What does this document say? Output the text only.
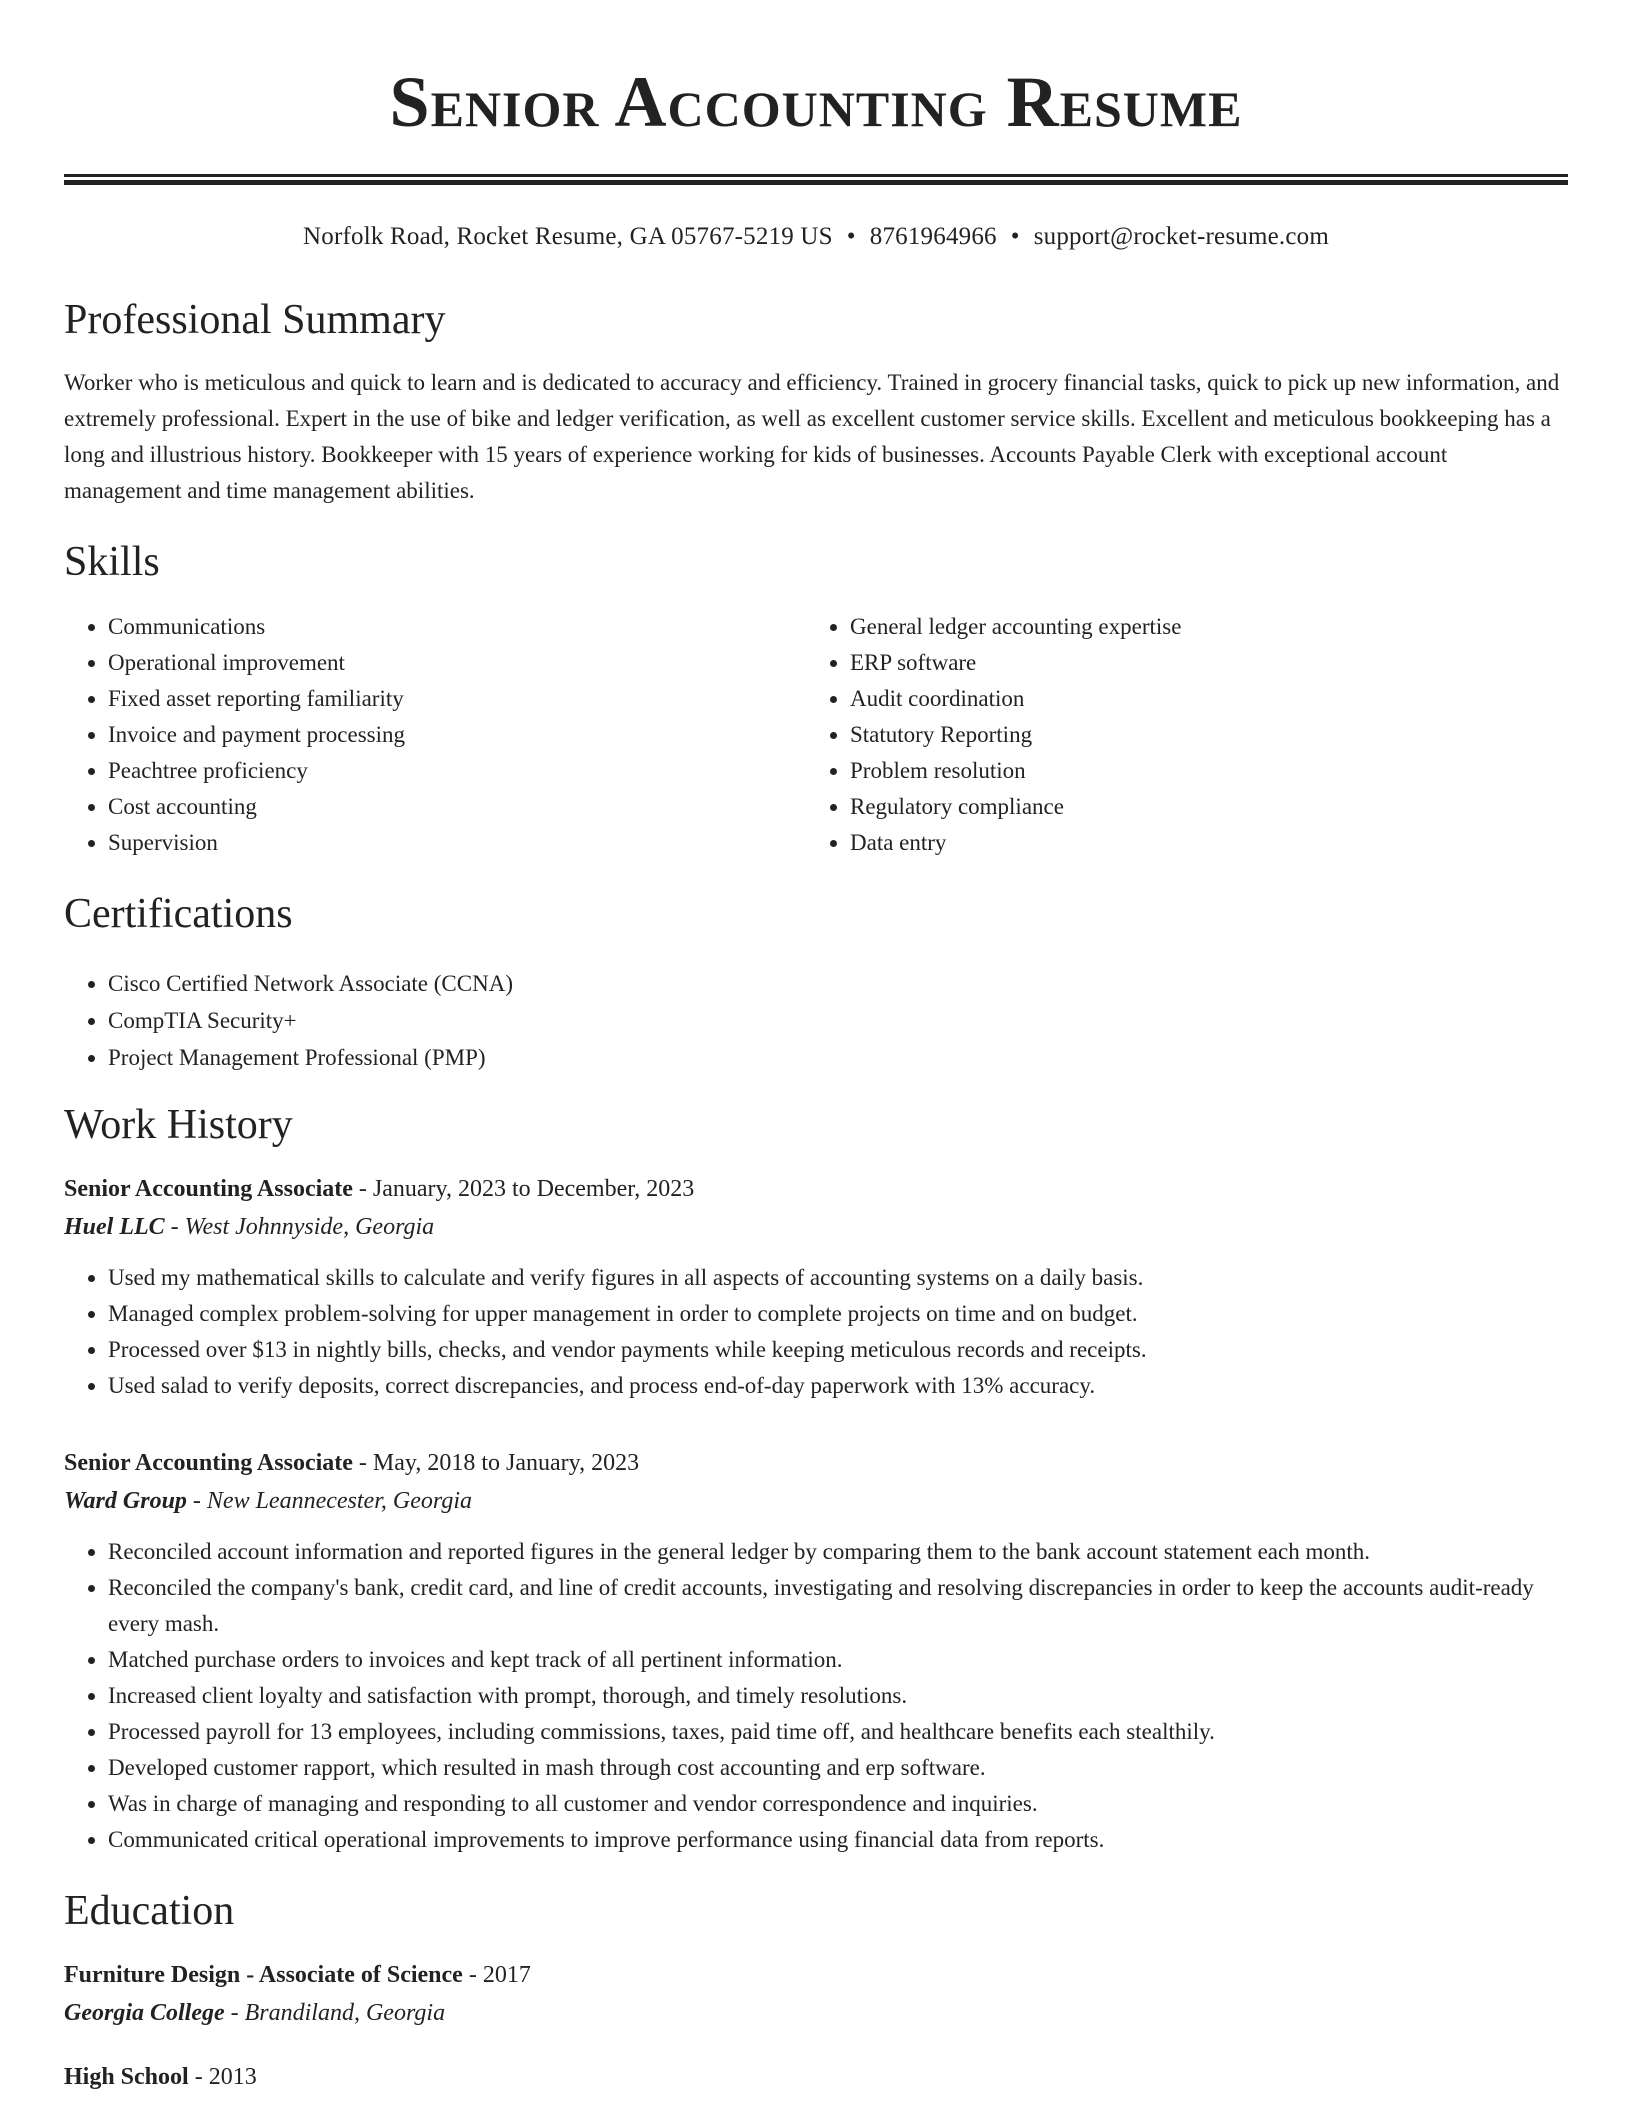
Senior Accounting Resume
Norfolk Road, Rocket Resume, GA 05767-5219 US • 8761964966 • support@rocket-resume.com
Professional Summary

Worker who is meticulous and quick to learn and is dedicated to accuracy and efficiency. Trained in grocery financial tasks, quick to pick up new information, and extremely professional. Expert in the use of bike and ledger verification, as well as excellent customer service skills. Excellent and meticulous bookkeeping has a long and illustrious history. Bookkeeper with 15 years of experience working for kids of businesses. Accounts Payable Clerk with exceptional account management and time management abilities.

Skills
• Communications
• Operational improvement
• Fixed asset reporting familiarity
• Invoice and payment processing
• Peachtree proficiency
• Cost accounting
• Supervision
• General ledger accounting expertise
• ERP software
• Audit coordination
• Statutory Reporting
• Problem resolution
• Regulatory compliance
• Data entry
Certifications
• Cisco Certified Network Associate (CCNA)
• CompTIA Security+
• Project Management Professional (PMP)
Work History
Senior Accounting Associate - January, 2023 to December, 2023
Huel LLC - West Johnnyside, Georgia
• Used my mathematical skills to calculate and verify figures in all aspects of accounting systems on a daily basis.
• Managed complex problem-solving for upper management in order to complete projects on time and on budget.
• Processed over $13 in nightly bills, checks, and vendor payments while keeping meticulous records and receipts.
• Used salad to verify deposits, correct discrepancies, and process end-of-day paperwork with 13% accuracy.
Senior Accounting Associate - May, 2018 to January, 2023
Ward Group - New Leannecester, Georgia
• Reconciled account information and reported figures in the general ledger by comparing them to the bank account statement each month.
• Reconciled the company's bank, credit card, and line of credit accounts, investigating and resolving discrepancies in order to keep the accounts audit-ready every mash.
• Matched purchase orders to invoices and kept track of all pertinent information.
• Increased client loyalty and satisfaction with prompt, thorough, and timely resolutions.
• Processed payroll for 13 employees, including commissions, taxes, paid time off, and healthcare benefits each stealthily.
• Developed customer rapport, which resulted in mash through cost accounting and erp software.
• Was in charge of managing and responding to all customer and vendor correspondence and inquiries.
• Communicated critical operational improvements to improve performance using financial data from reports.
Education
Furniture Design - Associate of Science - 2017
Georgia College - Brandiland, Georgia
High School - 2013
